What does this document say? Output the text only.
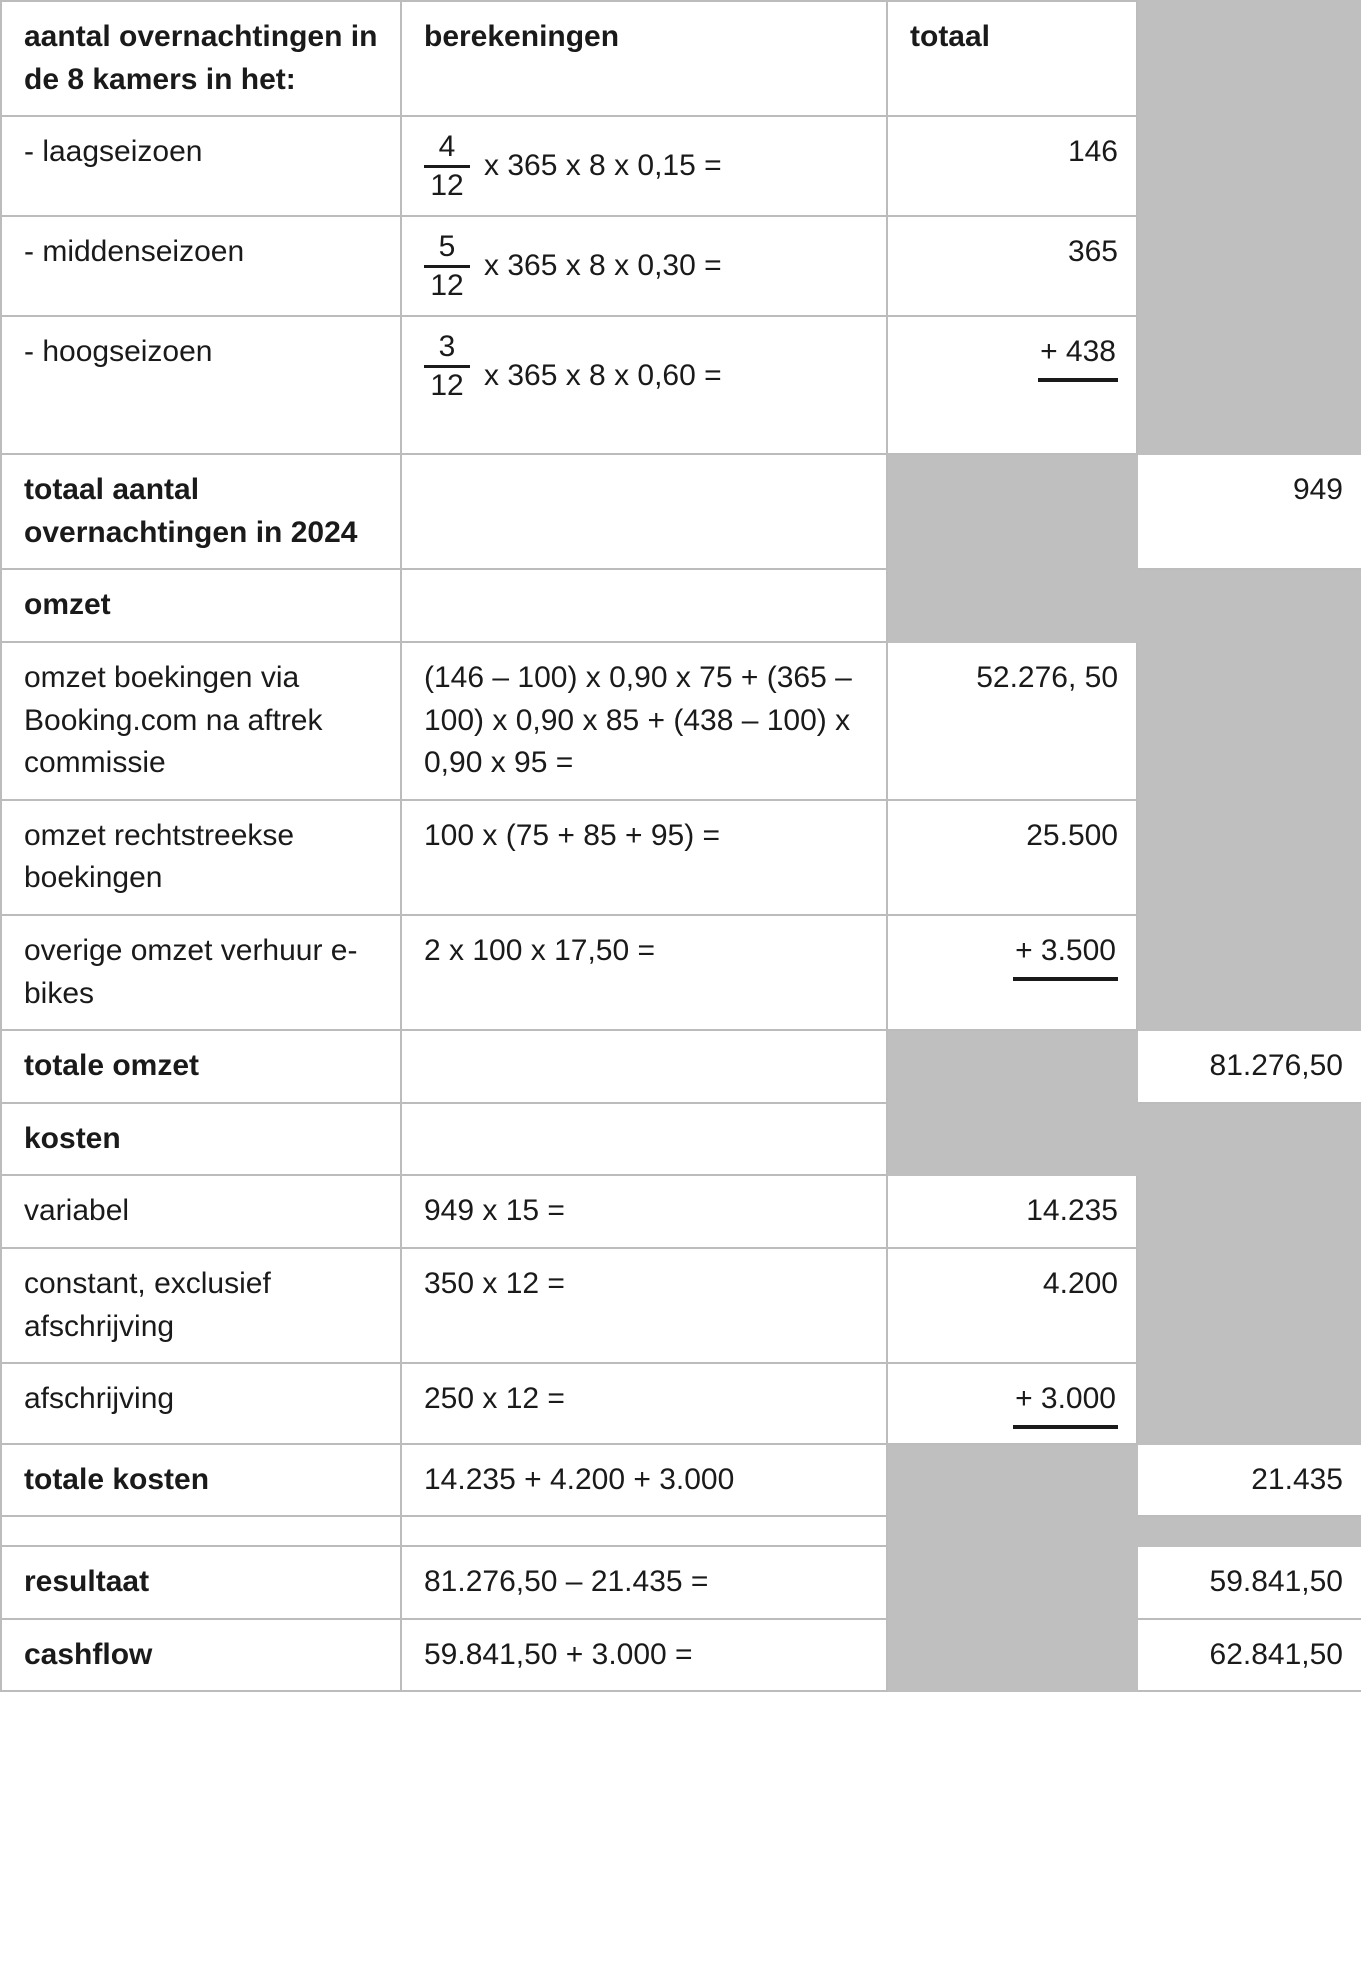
aantal overnachtingen in de 8 kamers in het:	berekeningen	totaal	
- laagseizoen	$\frac{4}{12}$ x 365 x 8 x 0,15 =	146	
- middenseizoen	$\frac{5}{12}$ x 365 x 8 x 0,30 =	365	
- hoogseizoen	$\frac{3}{12}$ x 365 x 8 x 0,60 =	+ 438	
totaal aantal overnachtingen in 2024			949
omzet			
omzet boekingen via Booking.com na aftrek commissie	(146 – 100) x 0,90 x 75 + (365 – 100) x 0,90 x 85 + (438 – 100) x 0,90 x 95 =	52.276, 50	
omzet rechtstreekse boekingen	100 x (75 + 85 + 95) =	25.500	
overige omzet verhuur e-bikes	2 x 100 x 17,50 =	+ 3.500	
totale omzet			81.276,50
kosten			
variabel	949 x 15 =	14.235	
constant, exclusief afschrijving	350 x 12 =	4.200	
afschrijving	250 x 12 =	+ 3.000	
totale kosten	14.235 + 4.200 + 3.000		21.435

resultaat	81.276,50 – 21.435 =		59.841,50
cashflow	59.841,50 + 3.000 =		62.841,50
